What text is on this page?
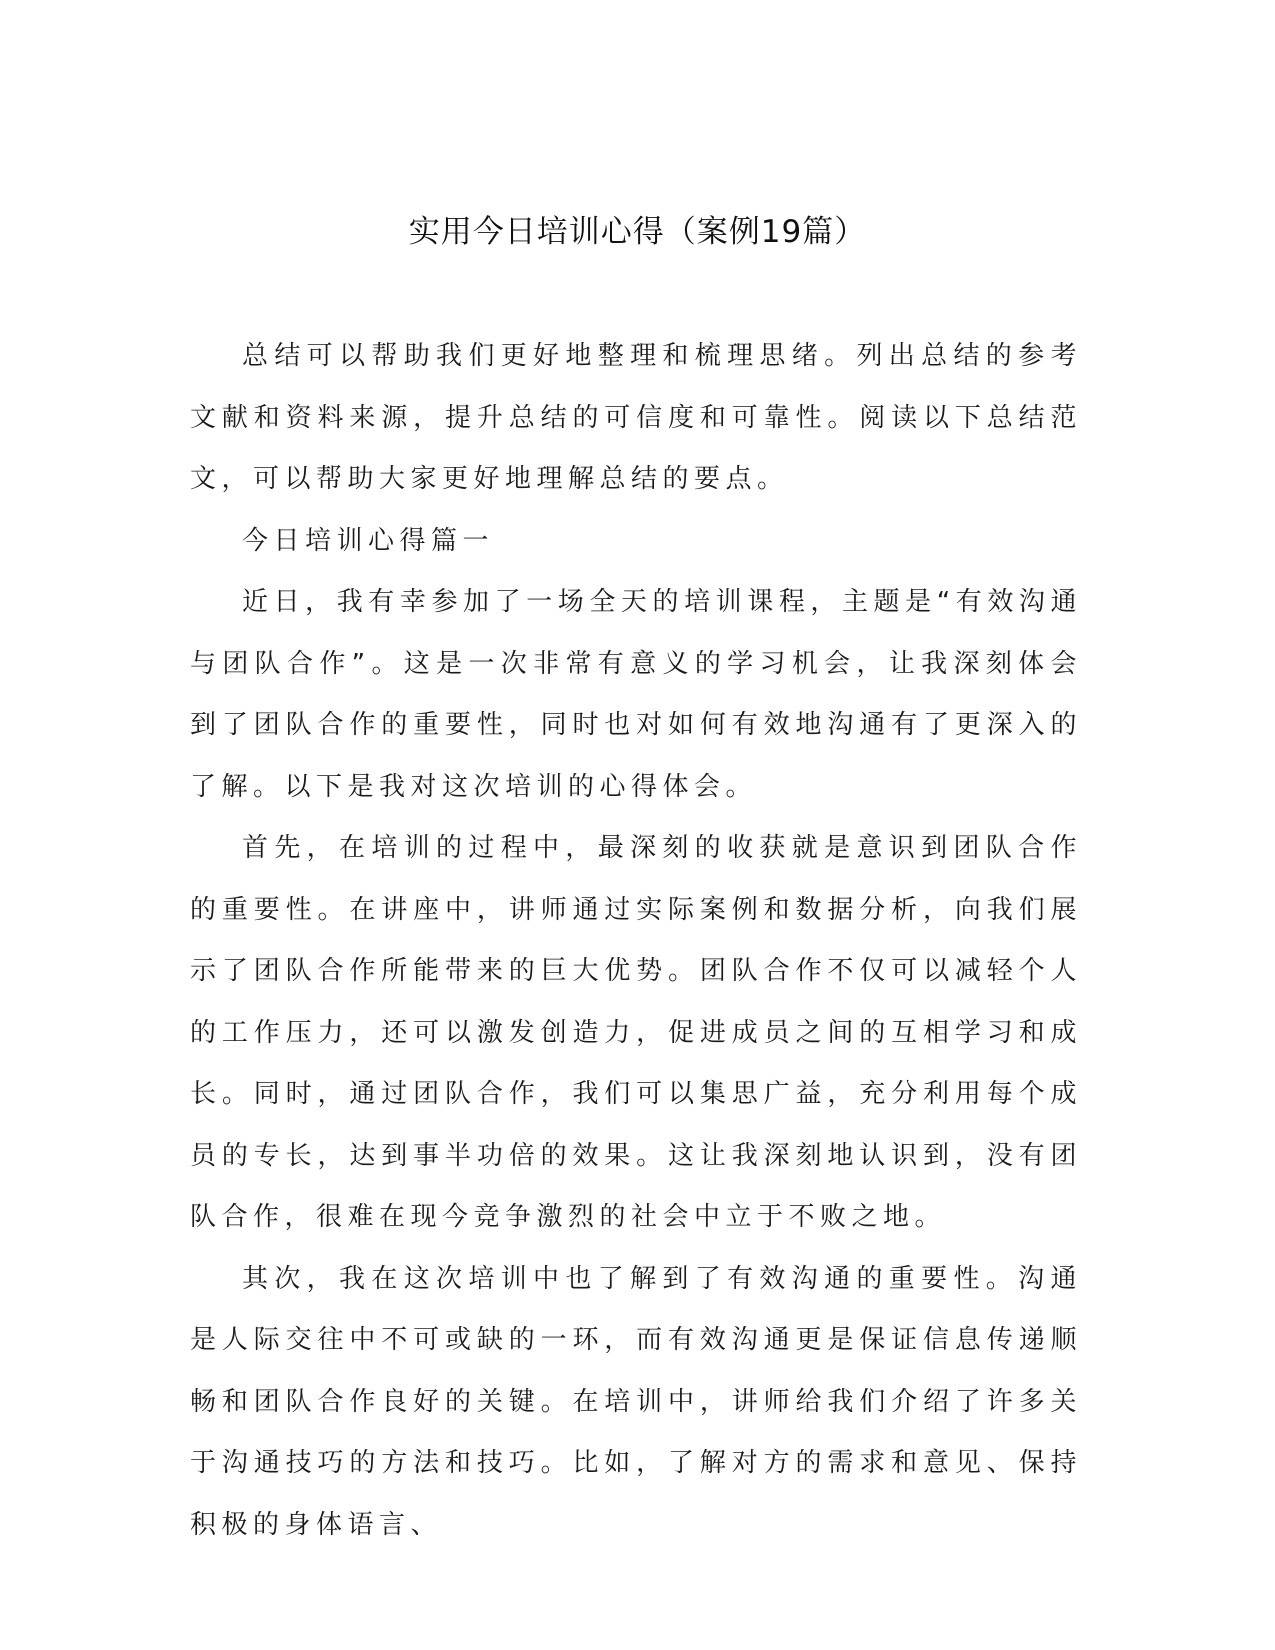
实用今日培训心得（案例19篇）

总结可以帮助我们更好地整理和梳理思绪。列出总结的参考文献和资料来源，提升总结的可信度和可靠性。阅读以下总结范文，可以帮助大家更好地理解总结的要点。

今日培训心得篇一

近日，我有幸参加了一场全天的培训课程，主题是“有效沟通与团队合作”。这是一次非常有意义的学习机会，让我深刻体会到了团队合作的重要性，同时也对如何有效地沟通有了更深入的了解。以下是我对这次培训的心得体会。

首先，在培训的过程中，最深刻的收获就是意识到团队合作的重要性。在讲座中，讲师通过实际案例和数据分析，向我们展示了团队合作所能带来的巨大优势。团队合作不仅可以减轻个人的工作压力，还可以激发创造力，促进成员之间的互相学习和成长。同时，通过团队合作，我们可以集思广益，充分利用每个成员的专长，达到事半功倍的效果。这让我深刻地认识到，没有团队合作，很难在现今竞争激烈的社会中立于不败之地。

其次，我在这次培训中也了解到了有效沟通的重要性。沟通是人际交往中不可或缺的一环，而有效沟通更是保证信息传递顺畅和团队合作良好的关键。在培训中，讲师给我们介绍了许多关于沟通技巧的方法和技巧。比如，了解对方的需求和意见、保持积极的身体语言、
